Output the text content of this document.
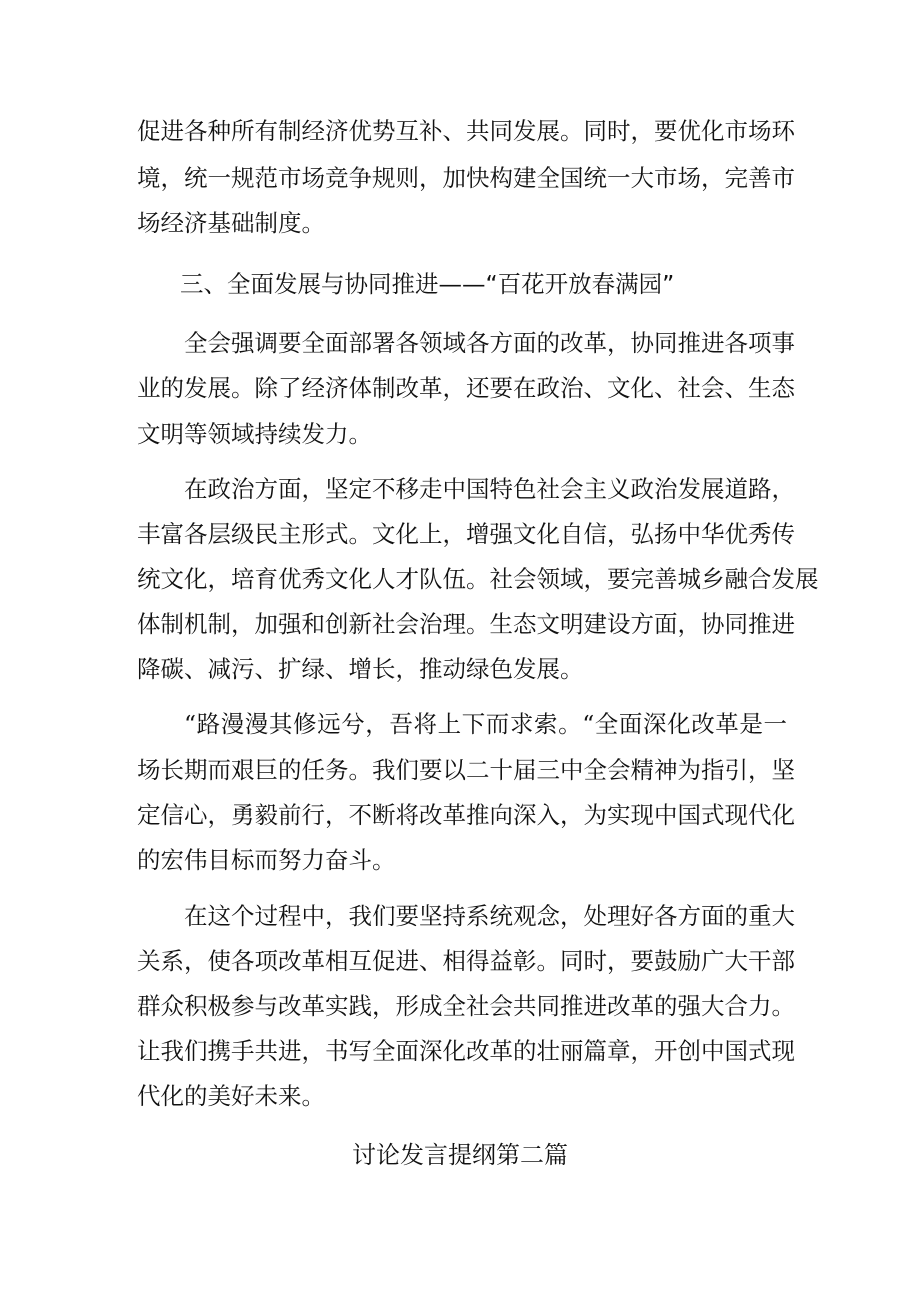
促进各种所有制经济优势互补、共同发展。同时，要优化市场环
境，统一规范市场竞争规则，加快构建全国统一大市场，完善市
场经济基础制度。
三、全面发展与协同推进——“百花开放春满园”
全会强调要全面部署各领域各方面的改革，协同推进各项事
业的发展。除了经济体制改革，还要在政治、文化、社会、生态
文明等领域持续发力。
在政治方面，坚定不移走中国特色社会主义政治发展道路，
丰富各层级民主形式。文化上，增强文化自信，弘扬中华优秀传
统文化，培育优秀文化人才队伍。社会领域，要完善城乡融合发展
体制机制，加强和创新社会治理。生态文明建设方面，协同推进
降碳、减污、扩绿、增长，推动绿色发展。
“路漫漫其修远兮，吾将上下而求索。“全面深化改革是一
场长期而艰巨的任务。我们要以二十届三中全会精神为指引，坚
定信心，勇毅前行，不断将改革推向深入，为实现中国式现代化
的宏伟目标而努力奋斗。
在这个过程中，我们要坚持系统观念，处理好各方面的重大
关系，使各项改革相互促进、相得益彰。同时，要鼓励广大干部
群众积极参与改革实践，形成全社会共同推进改革的强大合力。
让我们携手共进，书写全面深化改革的壮丽篇章，开创中国式现
代化的美好未来。
讨论发言提纲第二篇
